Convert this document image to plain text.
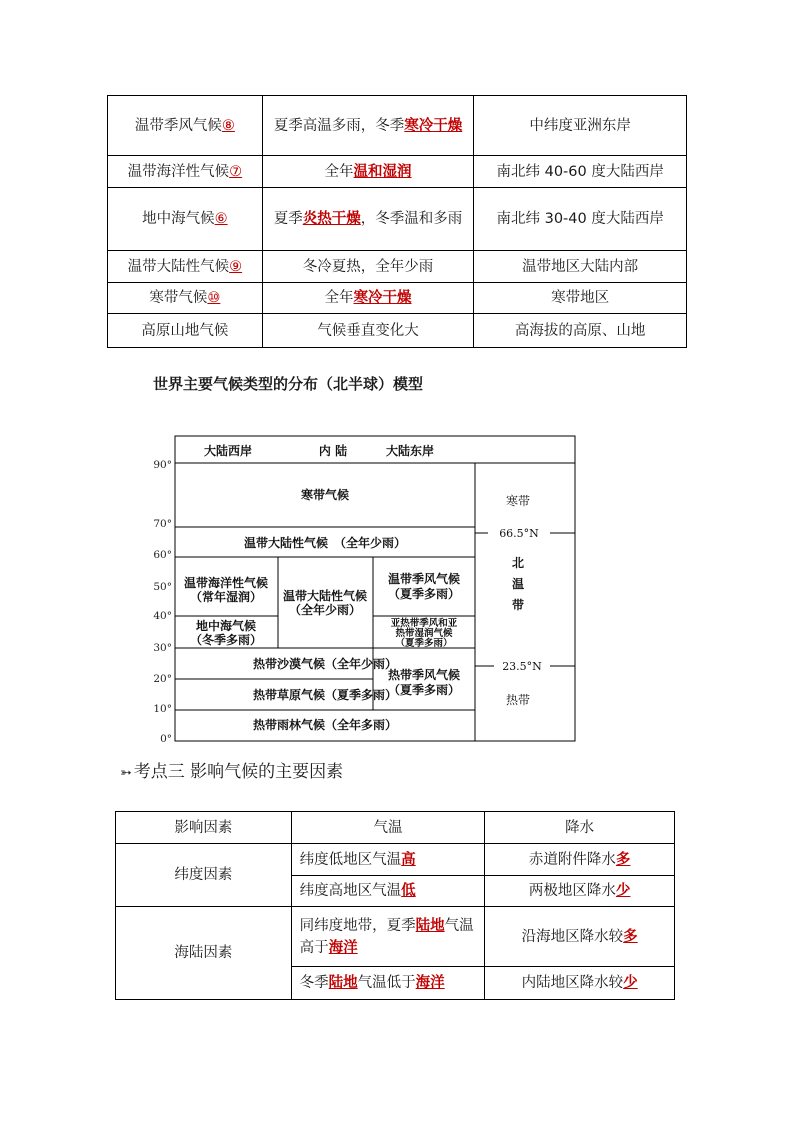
温带季风气候⑧	夏季高温多雨，冬季寒冷干燥	中纬度亚洲东岸
温带海洋性气候⑦	全年温和湿润	南北纬 40-60 度大陆西岸
地中海气候⑥	夏季炎热干燥，冬季温和多雨	南北纬 30-40 度大陆西岸
温带大陆性气候⑨	冬冷夏热，全年少雨	温带地区大陆内部
寒带气候⑩	全年寒冷干燥	寒带地区
高原山地气候	气候垂直变化大	高海拔的高原、山地
世界主要气候类型的分布（北半球）模型
90°
70°
60°
50°
40°
30°
20°
10°
0°
大陆西岸	内 陆	大陆东岸
寒带气候
温带大陆性气候　（全年少雨）
温带海洋性气候
（常年湿润） 温带大陆性气候
（全年少雨）
温带季风气候
（夏季多雨）
地中海气候
（冬季多雨）
热带沙漠气候（全年少雨）
热带草原气候（夏季多雨）
热带季风气候
（夏季多雨）
热带雨林气候（全年多雨）
亚热带季风和亚
热带湿润气候
（夏季多雨）
寒带
66.5°N
北
温
带
23.5°N
热带
➳ 考点三 影响气候的主要因素
影响因素	气温	降水
纬度因素	纬度低地区气温高	赤道附件降水多
	纬度高地区气温低	两极地区降水少
海陆因素	同纬度地带，夏季陆地气温高于海洋	沿海地区降水较多
	冬季陆地气温低于海洋	内陆地区降水较少
